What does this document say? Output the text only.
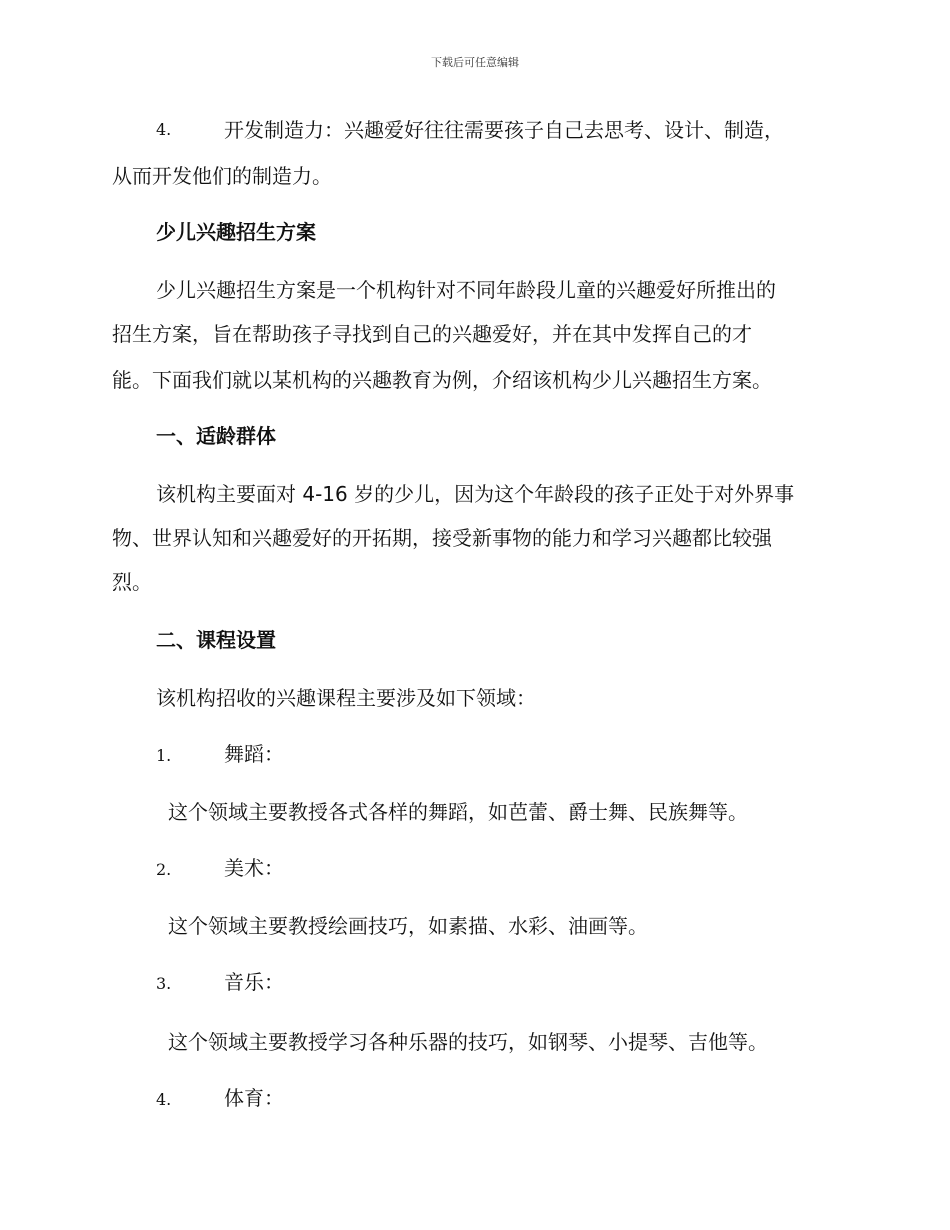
下载后可任意编辑
4.	开发制造力：兴趣爱好往往需要孩子自己去思考、设计、制造，
从而开发他们的制造力。
少儿兴趣招生方案
少儿兴趣招生方案是一个机构针对不同年龄段儿童的兴趣爱好所推出的
招生方案，旨在帮助孩子寻找到自己的兴趣爱好，并在其中发挥自己的才
能。下面我们就以某机构的兴趣教育为例，介绍该机构少儿兴趣招生方案。
一、适龄群体
该机构主要面对 4-16 岁的少儿，因为这个年龄段的孩子正处于对外界事
物、世界认知和兴趣爱好的开拓期，接受新事物的能力和学习兴趣都比较强
烈。
二、课程设置
该机构招收的兴趣课程主要涉及如下领域：
1.	舞蹈：
这个领域主要教授各式各样的舞蹈，如芭蕾、爵士舞、民族舞等。
2.	美术：
这个领域主要教授绘画技巧，如素描、水彩、油画等。
3.	音乐：
这个领域主要教授学习各种乐器的技巧，如钢琴、小提琴、吉他等。
4.	体育：
